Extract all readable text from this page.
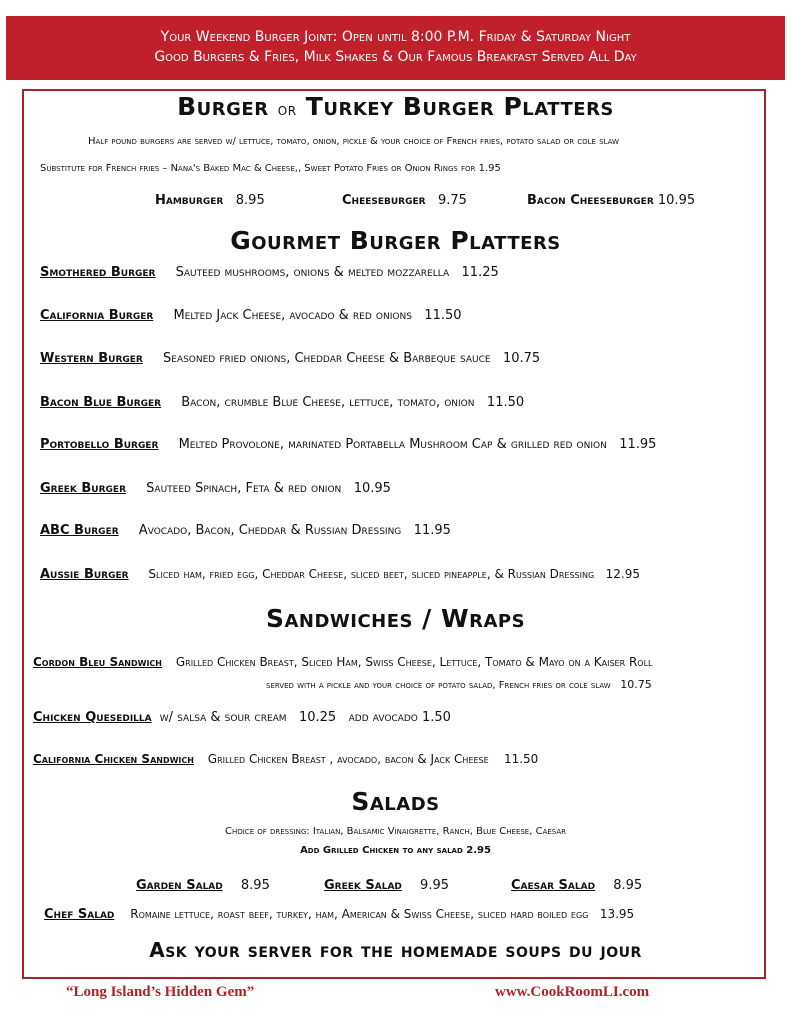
Your Weekend Burger Joint: Open until 8:00 P.M. Friday & Saturday Night
Good Burgers & Fries, Milk Shakes & Our Famous Breakfast Served All Day
Burger or Turkey Burger Platters
Half pound burgers are served w/ lettuce, tomato, onion, pickle & your choice of French fries, potato salad or cole slaw
Substitute for French fries – Nana's Baked Mac & Cheese,, Sweet Potato Fries or Onion Rings for 1.95
Hamburger 8.95	Cheeseburger 9.75	Bacon Cheeseburger 10.95
Gourmet Burger Platters
Smothered Burger Sauteed mushrooms, onions & melted mozzarella 11.25
California Burger Melted Jack Cheese, avocado & red onions 11.50
Western Burger Seasoned fried onions, Cheddar Cheese & Barbeque sauce 10.75
Bacon Blue Burger Bacon, crumble Blue Cheese, lettuce, tomato, onion 11.50
Portobello Burger Melted Provolone, marinated Portabella Mushroom Cap & grilled red onion 11.95
Greek Burger Sauteed Spinach, Feta & red onion 10.95
ABC Burger Avocado, Bacon, Cheddar & Russian Dressing 11.95
Aussie Burger Sliced ham, fried egg, Cheddar Cheese, sliced beet, sliced pineapple, & Russian Dressing 12.95
Sandwiches / Wraps
Cordon Bleu Sandwich Grilled Chicken Breast, Sliced Ham, Swiss Cheese, Lettuce, Tomato & Mayo on a Kaiser Roll
served with a pickle and your choice of potato salad, French fries or cole slaw 10.75
Chicken Quesedilla w/ salsa & sour cream 10.25 add avocado 1.50
California Chicken Sandwich Grilled Chicken Breast , avocado, bacon & Jack Cheese 11.50
Salads
Choice of dressing: Italian, Balsamic Vinaigrette, Ranch, Blue Cheese, Caesar
Add Grilled Chicken to any salad 2.95
Garden Salad 8.95	Greek Salad 9.95	Caesar Salad 8.95
Chef Salad Romaine lettuce, roast beef, turkey, ham, American & Swiss Cheese, sliced hard boiled egg 13.95
Ask your server for the homemade soups du jour
“Long Island’s Hidden Gem”	www.CookRoomLI.com
